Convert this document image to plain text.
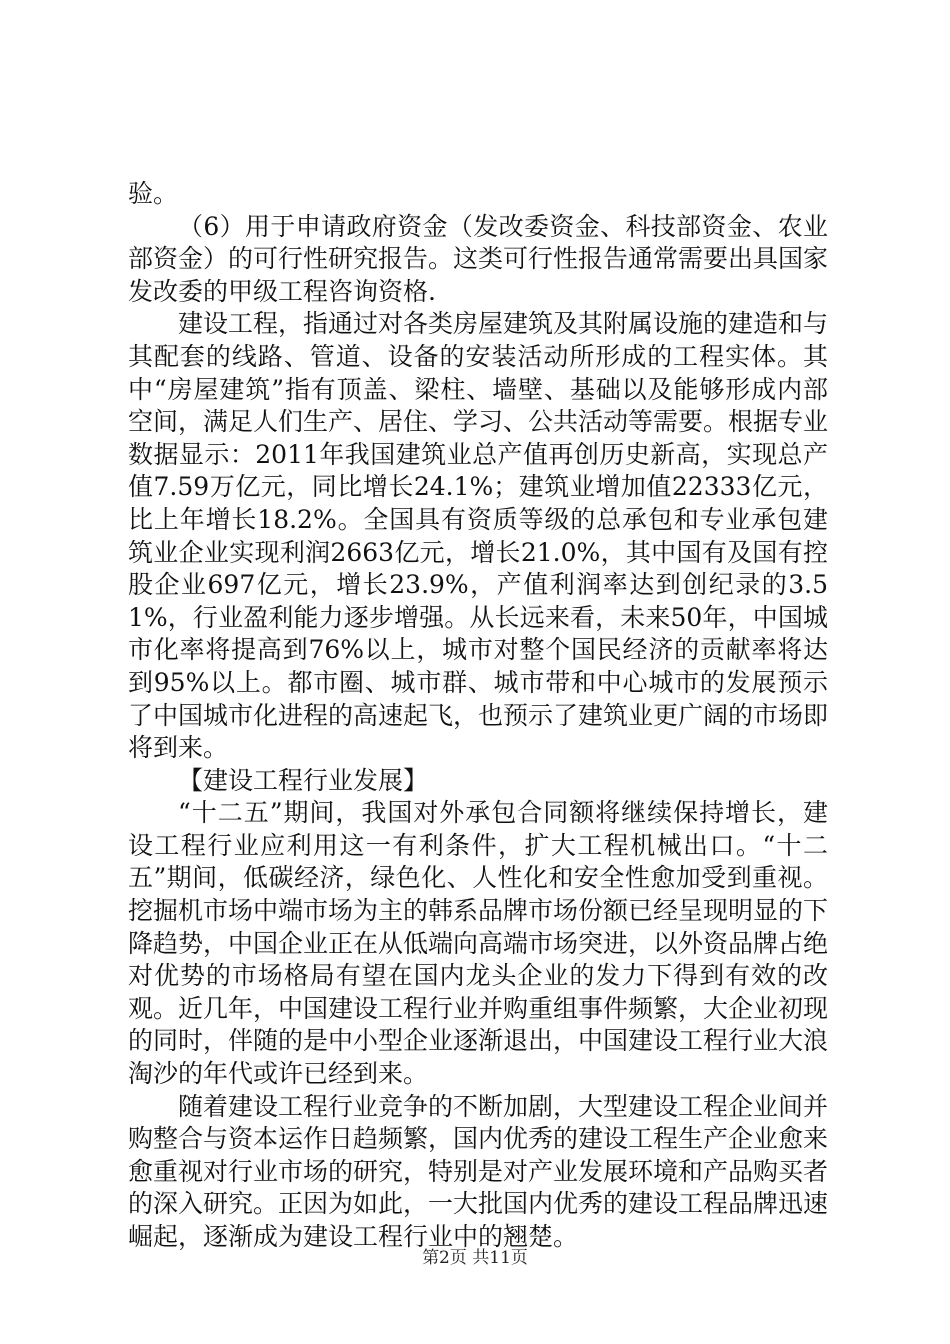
验。

（6）用于申请政府资金（发改委资金、科技部资金、农业部资金）的可行性研究报告。这类可行性报告通常需要出具国家发改委的甲级工程咨询资格.

建设工程，指通过对各类房屋建筑及其附属设施的建造和与其配套的线路、管道、设备的安装活动所形成的工程实体。其中“房屋建筑”指有顶盖、梁柱、墙壁、基础以及能够形成内部空间，满足人们生产、居住、学习、公共活动等需要。根据专业数据显示：2011年我国建筑业总产值再创历史新高，实现总产值7.59万亿元，同比增长24.1%；建筑业增加值22333亿元，比上年增长18.2%。全国具有资质等级的总承包和专业承包建筑业企业实现利润2663亿元，增长21.0%，其中国有及国有控股企业697亿元，增长23.9%，产值利润率达到创纪录的3.51%，行业盈利能力逐步增强。从长远来看，未来50年，中国城市化率将提高到76%以上，城市对整个国民经济的贡献率将达到95%以上。都市圈、城市群、城市带和中心城市的发展预示了中国城市化进程的高速起飞，也预示了建筑业更广阔的市场即将到来。

【建设工程行业发展】

“十二五”期间，我国对外承包合同额将继续保持增长，建设工程行业应利用这一有利条件，扩大工程机械出口。“十二五”期间，低碳经济，绿色化、人性化和安全性愈加受到重视。挖掘机市场中端市场为主的韩系品牌市场份额已经呈现明显的下降趋势，中国企业正在从低端向高端市场突进，以外资品牌占绝对优势的市场格局有望在国内龙头企业的发力下得到有效的改观。近几年，中国建设工程行业并购重组事件频繁，大企业初现的同时，伴随的是中小型企业逐渐退出，中国建设工程行业大浪淘沙的年代或许已经到来。

随着建设工程行业竞争的不断加剧，大型建设工程企业间并购整合与资本运作日趋频繁，国内优秀的建设工程生产企业愈来愈重视对行业市场的研究，特别是对产业发展环境和产品购买者的深入研究。正因为如此，一大批国内优秀的建设工程品牌迅速崛起，逐渐成为建设工程行业中的翘楚。

第2页 共11页
